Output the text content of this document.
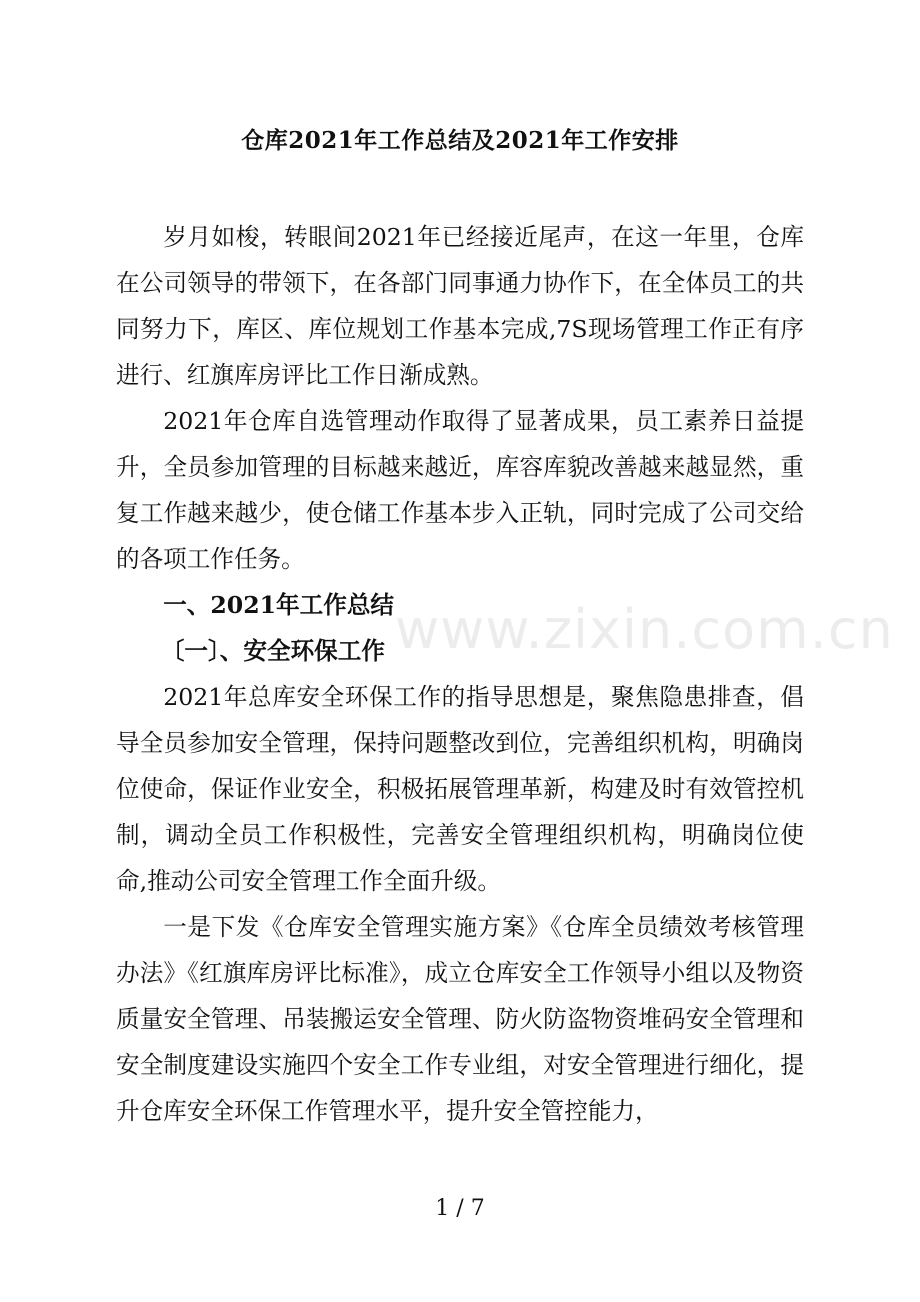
仓库2021年工作总结及2021年工作安排

岁月如梭，转眼间2021年已经接近尾声，在这一年里，仓库在公司领导的带领下，在各部门同事通力协作下，在全体员工的共同努力下，库区、库位规划工作基本完成,7S现场管理工作正有序进行、红旗库房评比工作日渐成熟。

2021年仓库自选管理动作取得了显著成果，员工素养日益提升，全员参加管理的目标越来越近，库容库貌改善越来越显然，重复工作越来越少，使仓储工作基本步入正轨，同时完成了公司交给的各项工作任务。

一、2021年工作总结

〔一〕、安全环保工作

2021年总库安全环保工作的指导思想是，聚焦隐患排查，倡导全员参加安全管理，保持问题整改到位，完善组织机构，明确岗位使命，保证作业安全，积极拓展管理革新，构建及时有效管控机制，调动全员工作积极性，完善安全管理组织机构，明确岗位使命,推动公司安全管理工作全面升级。

一是下发《仓库安全管理实施方案》《仓库全员绩效考核管理办法》《红旗库房评比标准》，成立仓库安全工作领导小组以及物资质量安全管理、吊装搬运安全管理、防火防盗物资堆码安全管理和安全制度建设实施四个安全工作专业组，对安全管理进行细化，提升仓库安全环保工作管理水平，提升安全管控能力，

www.zixin.com.cn
1 / 7
